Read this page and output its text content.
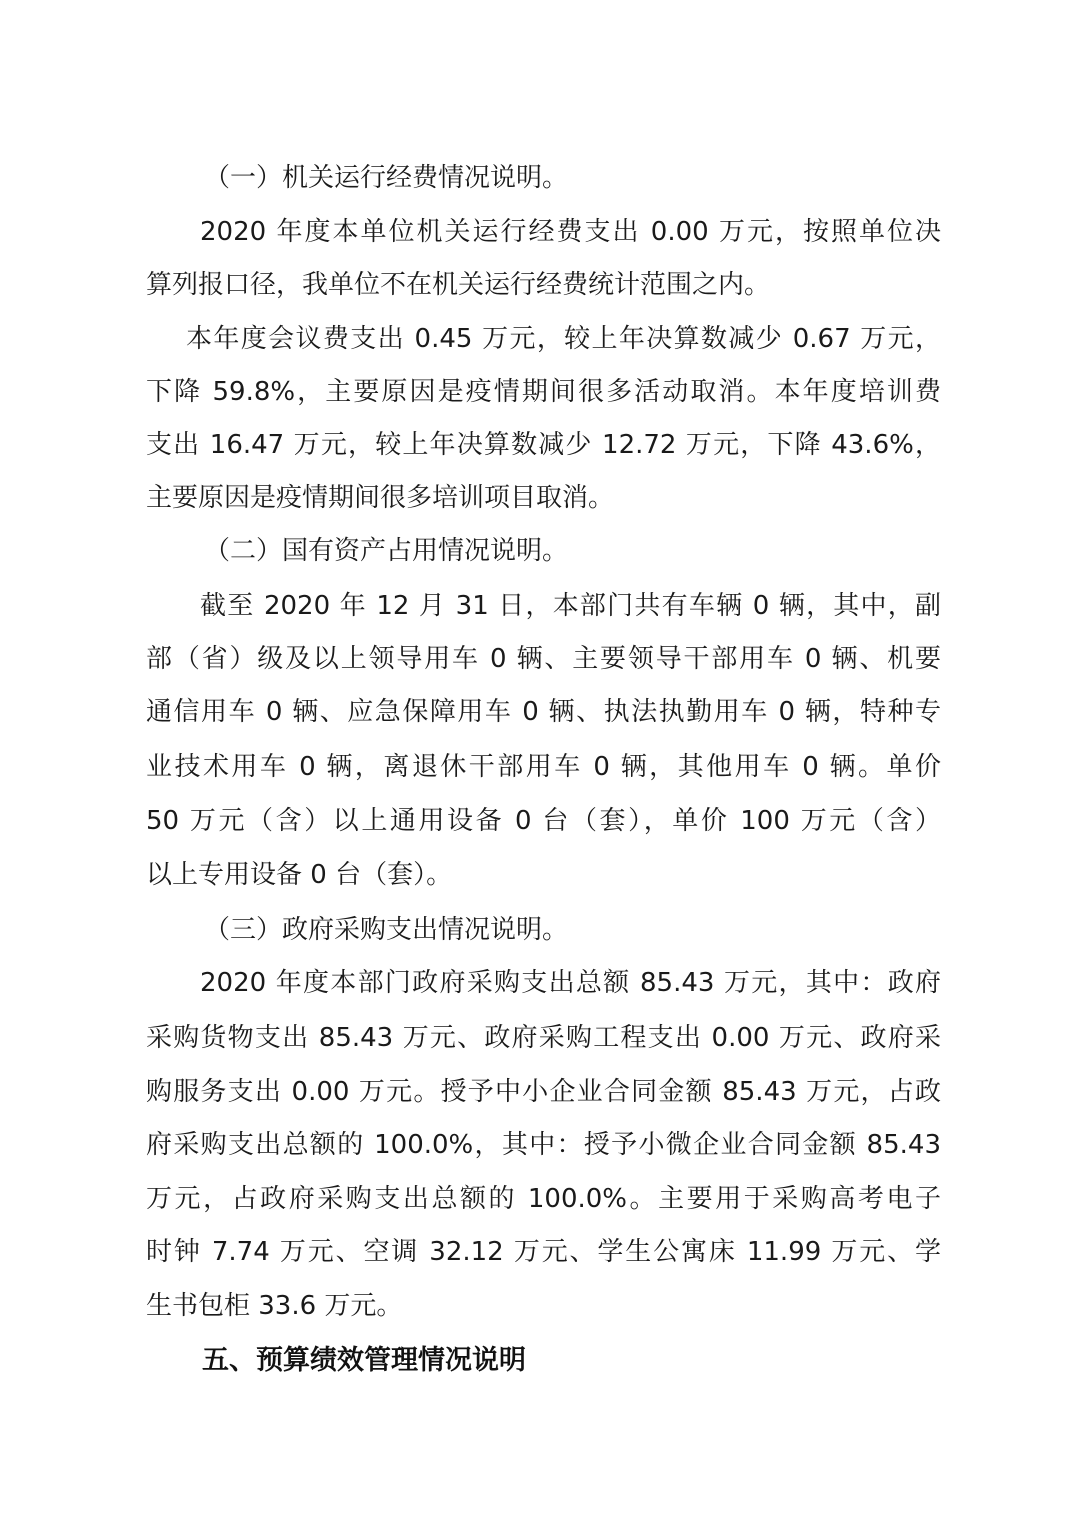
（一）机关运行经费情况说明。
2020 年度本单位机关运行经费支出 0.00 万元，按照单位决
算列报口径，我单位不在机关运行经费统计范围之内。
本年度会议费支出 0.45 万元，较上年决算数减少 0.67 万元，
下降 59.8%，主要原因是疫情期间很多活动取消。本年度培训费
支出 16.47 万元，较上年决算数减少 12.72 万元，下降 43.6%，
主要原因是疫情期间很多培训项目取消。
（二）国有资产占用情况说明。
截至 2020 年 12 月 31 日，本部门共有车辆 0 辆，其中，副
部（省）级及以上领导用车 0 辆、主要领导干部用车 0 辆、机要
通信用车 0 辆、应急保障用车 0 辆、执法执勤用车 0 辆，特种专
业技术用车 0 辆，离退休干部用车 0 辆，其他用车 0 辆。单价
50 万元（含）以上通用设备 0 台（套），单价 100 万元（含）
以上专用设备 0 台（套）。
（三）政府采购支出情况说明。
2020 年度本部门政府采购支出总额 85.43 万元，其中：政府
采购货物支出 85.43 万元、政府采购工程支出 0.00 万元、政府采
购服务支出 0.00 万元。授予中小企业合同金额 85.43 万元，占政
府采购支出总额的 100.0%，其中：授予小微企业合同金额 85.43
万元，占政府采购支出总额的 100.0%。主要用于采购高考电子
时钟 7.74 万元、空调 32.12 万元、学生公寓床 11.99 万元、学
生书包柜 33.6 万元。
五、预算绩效管理情况说明
